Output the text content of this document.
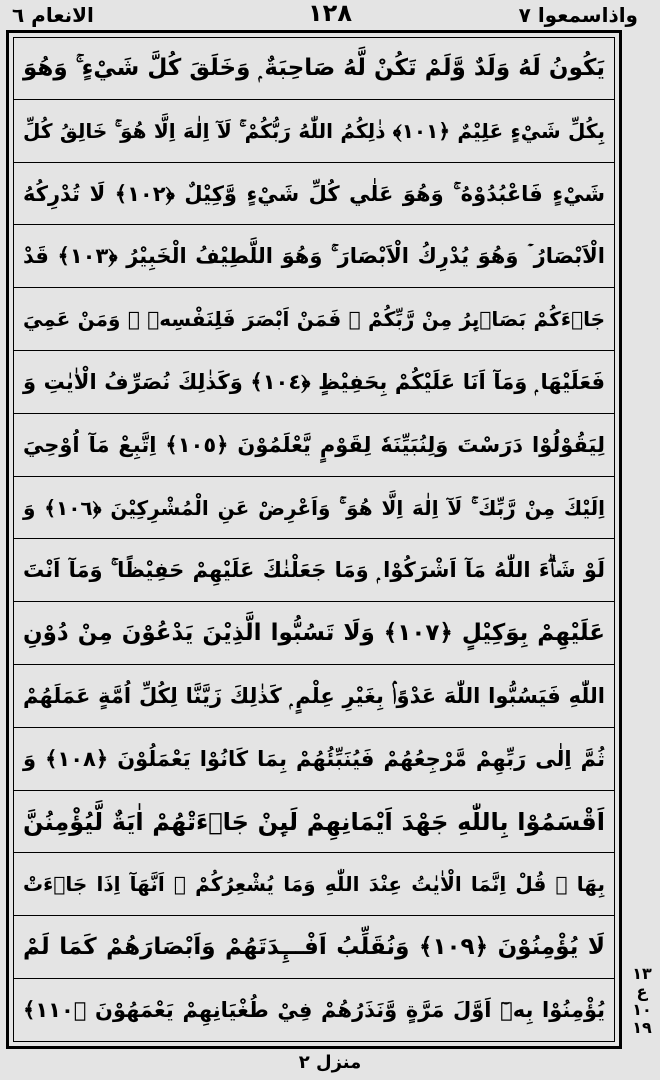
الانعام ٦	۱۲۸	واذاسمعوا ٧
يَكُونُ لَهُ وَلَدٌ وَّلَمْ تَكُنْ لَّهُ صَاحِبَةٌ ۭ وَخَلَقَ كُلَّ شَيْءٍ ۚ وَهُوَ
بِكُلِّ شَيْءٍ عَلِيْمٌ ﴿١٠١﴾ ذٰلِكُمُ اللّٰهُ رَبُّكُمْ ۚ لَآ اِلٰهَ اِلَّا هُوَ ۚ خَالِقُ كُلِّ
شَيْءٍ فَاعْبُدُوْهُ ۚ وَهُوَ عَلٰي كُلِّ شَيْءٍ وَّكِيْلٌ ﴿١٠٢﴾ لَا تُدْرِكُهُ
الْاَبْصَارُ ۡ وَهُوَ يُدْرِكُ الْاَبْصَارَ ۚ وَهُوَ اللَّطِيْفُ الْخَبِيْرُ ﴿١٠٣﴾ قَدْ
جَاۗءَكُمْ بَصَاۗىِٕرُ مِنْ رَّبِّكُمْ ۚ فَمَنْ اَبْصَرَ فَلِنَفْسِهٖ ۚ وَمَنْ عَمِيَ
فَعَلَيْهَا ۭ وَمَآ اَنَا عَلَيْكُمْ بِحَفِيْظٍ ﴿١٠٤﴾ وَكَذٰلِكَ نُصَرِّفُ الْاٰيٰتِ وَ
لِيَقُوْلُوْا دَرَسْتَ وَلِنُبَيِّنَهٗ لِقَوْمٍ يَّعْلَمُوْنَ ﴿١٠٥﴾ اِتَّبِعْ مَآ اُوْحِيَ
اِلَيْكَ مِنْ رَّبِّكَ ۚ لَآ اِلٰهَ اِلَّا هُوَ ۚ وَاَعْرِضْ عَنِ الْمُشْرِكِيْنَ ﴿١٠٦﴾ وَ
لَوْ شَاۗءَ اللّٰهُ مَآ اَشْرَكُوْا ۭ وَمَا جَعَلْنٰكَ عَلَيْهِمْ حَفِيْظًا ۚ وَمَآ اَنْتَ
عَلَيْهِمْ بِوَكِيْلٍ ﴿١٠٧﴾ وَلَا تَسُبُّوا الَّذِيْنَ يَدْعُوْنَ مِنْ دُوْنِ
اللّٰهِ فَيَسُبُّوا اللّٰهَ عَدْوًاۢ بِغَيْرِ عِلْمٍ ۭ كَذٰلِكَ زَيَّنَّا لِكُلِّ اُمَّةٍ عَمَلَهُمْ
ثُمَّ اِلٰى رَبِّهِمْ مَّرْجِعُهُمْ فَيُنَبِّئُهُمْ بِمَا كَانُوْا يَعْمَلُوْنَ ﴿١٠٨﴾ وَ
اَقْسَمُوْا بِاللّٰهِ جَهْدَ اَيْمَانِهِمْ لَىِٕنْ جَاۗءَتْهُمْ اٰيَةٌ لَّيُؤْمِنُنَّ
بِهَا ۭ قُلْ اِنَّمَا الْاٰيٰتُ عِنْدَ اللّٰهِ وَمَا يُشْعِرُكُمْ ۙ اَنَّهَآ اِذَا جَاۗءَتْ
لَا يُؤْمِنُوْنَ ﴿١٠٩﴾ وَنُقَلِّبُ اَفْـــِٕدَتَهُمْ وَاَبْصَارَهُمْ كَمَا لَمْ
يُؤْمِنُوْا بِهٖٓ اَوَّلَ مَرَّةٍ وَّنَذَرُهُمْ فِيْ طُغْيَانِهِمْ يَعْمَهُوْنَ ﴿١١٠﴾
١٣
ع
١٠
١٩
منزل ٢
